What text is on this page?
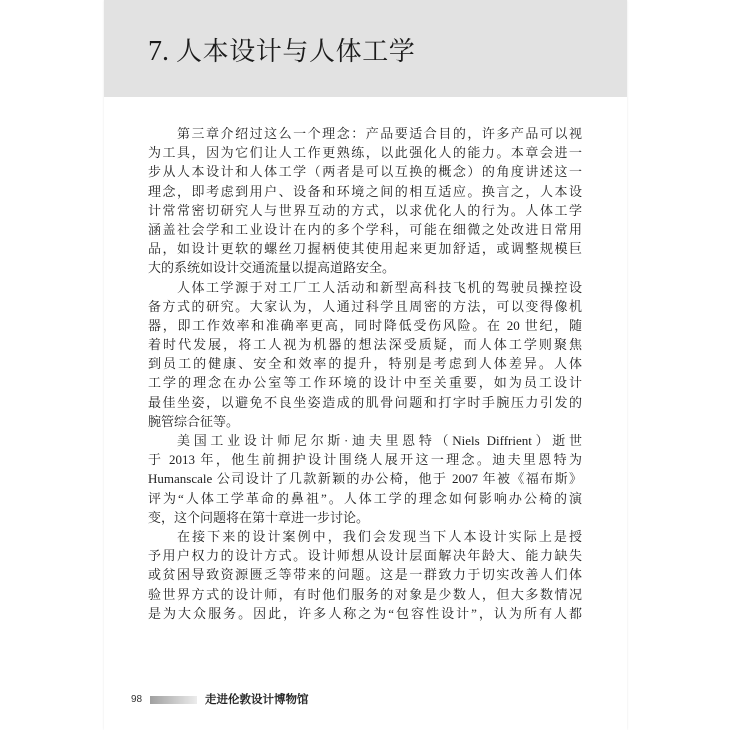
7. 人本设计与人体工学
第三章介绍过这么一个理念：产品要适合目的，许多产品可以视
为工具，因为它们让人工作更熟练，以此强化人的能力。本章会进一
步从人本设计和人体工学（两者是可以互换的概念）的角度讲述这一
理念，即考虑到用户、设备和环境之间的相互适应。换言之，人本设
计常常密切研究人与世界互动的方式，以求优化人的行为。人体工学
涵盖社会学和工业设计在内的多个学科，可能在细微之处改进日常用
品，如设计更软的螺丝刀握柄使其使用起来更加舒适，或调整规模巨
大的系统如设计交通流量以提高道路安全。
人体工学源于对工厂工人活动和新型高科技飞机的驾驶员操控设
备方式的研究。大家认为，人通过科学且周密的方法，可以变得像机
器，即工作效率和准确率更高，同时降低受伤风险。在 20 世纪，随
着时代发展，将工人视为机器的想法深受质疑，而人体工学则聚焦
到员工的健康、安全和效率的提升，特别是考虑到人体差异。人体
工学的理念在办公室等工作环境的设计中至关重要，如为员工设计
最佳坐姿，以避免不良坐姿造成的肌骨问题和打字时手腕压力引发的
腕管综合征等。
美国工业设计师尼尔斯·迪夫里恩特（Niels Diffrient）逝世
于 2013 年，他生前拥护设计围绕人展开这一理念。迪夫里恩特为
Humanscale 公司设计了几款新颖的办公椅，他于 2007 年被《福布斯》
评为“人体工学革命的鼻祖”。人体工学的理念如何影响办公椅的演
变，这个问题将在第十章进一步讨论。
在接下来的设计案例中，我们会发现当下人本设计实际上是授
予用户权力的设计方式。设计师想从设计层面解决年龄大、能力缺失
或贫困导致资源匮乏等带来的问题。这是一群致力于切实改善人们体
验世界方式的设计师，有时他们服务的对象是少数人，但大多数情况
是为大众服务。因此，许多人称之为“包容性设计”，认为所有人都
98	走进伦敦设计博物馆
